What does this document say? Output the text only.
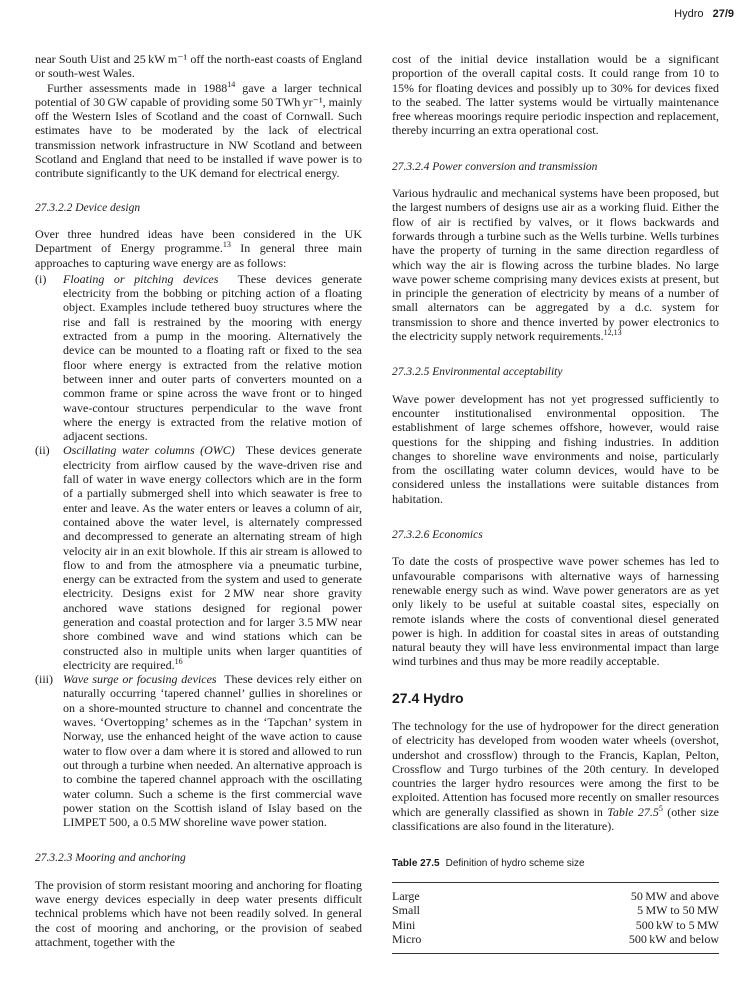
Hydro 27/9

near South Uist and 25 kW m⁻¹ off the north-east coasts of England or south-west Wales.

Further assessments made in 1988$^{14}$ gave a larger technical potential of 30 GW capable of providing some 50 TWh yr⁻¹, mainly off the Western Isles of Scotland and the coast of Cornwall. Such estimates have to be moderated by the lack of electrical transmission network infrastructure in NW Scotland and between Scotland and England that need to be installed if wave power is to contribute significantly to the UK demand for electrical energy.

27.3.2.2 Device design

Over three hundred ideas have been considered in the UK Department of Energy programme.$^{13}$ In general three main approaches to capturing wave energy are as follows:

(i)	Floating or pitching devices These devices generate electricity from the bobbing or pitching action of a floating object. Examples include tethered buoy structures where the rise and fall is restrained by the mooring with energy extracted from a pump in the mooring. Alternatively the device can be mounted to a floating raft or fixed to the sea floor where energy is extracted from the relative motion between inner and outer parts of converters mounted on a common frame or spine across the wave front or to hinged wave-contour structures perpendicular to the wave front where the energy is extracted from the relative motion of adjacent sections.
(ii)	Oscillating water columns (OWC) These devices generate electricity from airflow caused by the wave-driven rise and fall of water in wave energy collectors which are in the form of a partially submerged shell into which seawater is free to enter and leave. As the water enters or leaves a column of air, contained above the water level, is alternately compressed and decompressed to generate an alternating stream of high velocity air in an exit blowhole. If this air stream is allowed to flow to and from the atmosphere via a pneumatic turbine, energy can be extracted from the system and used to generate electricity. Designs exist for 2 MW near shore gravity anchored wave stations designed for regional power generation and coastal protection and for larger 3.5 MW near shore combined wave and wind stations which can be constructed also in multiple units when larger quantities of electricity are required.$^{16}$
(iii) Wave surge or focusing devices These devices rely either on naturally occurring ‘tapered channel’ gullies in shorelines or on a shore-mounted structure to channel and concentrate the waves. ‘Overtopping’ schemes as in the ‘Tapchan’ system in Norway, use the enhanced height of the wave action to cause water to flow over a dam where it is stored and allowed to run out through a turbine when needed. An alternative approach is to combine the tapered channel approach with the oscillating water column. Such a scheme is the first commercial wave power station on the Scottish island of Islay based on the LIMPET 500, a 0.5 MW shoreline wave power station.
27.3.2.3 Mooring and anchoring

The provision of storm resistant mooring and anchoring for floating wave energy devices especially in deep water presents difficult technical problems which have not been readily solved. In general the cost of mooring and anchoring, or the provision of seabed attachment, together with the

cost of the initial device installation would be a significant proportion of the overall capital costs. It could range from 10 to 15% for floating devices and possibly up to 30% for devices fixed to the seabed. The latter systems would be virtually maintenance free whereas moorings require periodic inspection and replacement, thereby incurring an extra operational cost.

27.3.2.4 Power conversion and transmission

Various hydraulic and mechanical systems have been proposed, but the largest numbers of designs use air as a working fluid. Either the flow of air is rectified by valves, or it flows backwards and forwards through a turbine such as the Wells turbine. Wells turbines have the property of turning in the same direction regardless of which way the air is flowing across the turbine blades. No large wave power scheme comprising many devices exists at present, but in principle the generation of electricity by means of a number of small alternators can be aggregated by a d.c. system for transmission to shore and thence inverted by power electronics to the electricity supply network requirements.$^{12,13}$

27.3.2.5 Environmental acceptability

Wave power development has not yet progressed sufficiently to encounter institutionalised environmental opposition. The establishment of large schemes offshore, however, would raise questions for the shipping and fishing industries. In addition changes to shoreline wave environments and noise, particularly from the oscillating water column devices, would have to be considered unless the installations were suitable distances from habitation.

27.3.2.6 Economics

To date the costs of prospective wave power schemes has led to unfavourable comparisons with alternative ways of harnessing renewable energy such as wind. Wave power generators are as yet only likely to be useful at suitable coastal sites, especially on remote islands where the costs of conventional diesel generated power is high. In addition for coastal sites in areas of outstanding natural beauty they will have less environmental impact than large wind turbines and thus may be more readily acceptable.

27.4 Hydro

The technology for the use of hydropower for the direct generation of electricity has developed from wooden water wheels (overshot, undershot and crossflow) through to the Francis, Kaplan, Pelton, Crossflow and Turgo turbines of the 20th century. In developed countries the larger hydro resources were among the first to be exploited. Attention has focused more recently on smaller resources which are generally classified as shown in Table 27.5$^5$ (other size classifications are also found in the literature).

Table 27.5 Definition of hydro scheme size
Large	50 MW and above
Small	5 MW to 50 MW
Mini	500 kW to 5 MW
Micro	500 kW and below
